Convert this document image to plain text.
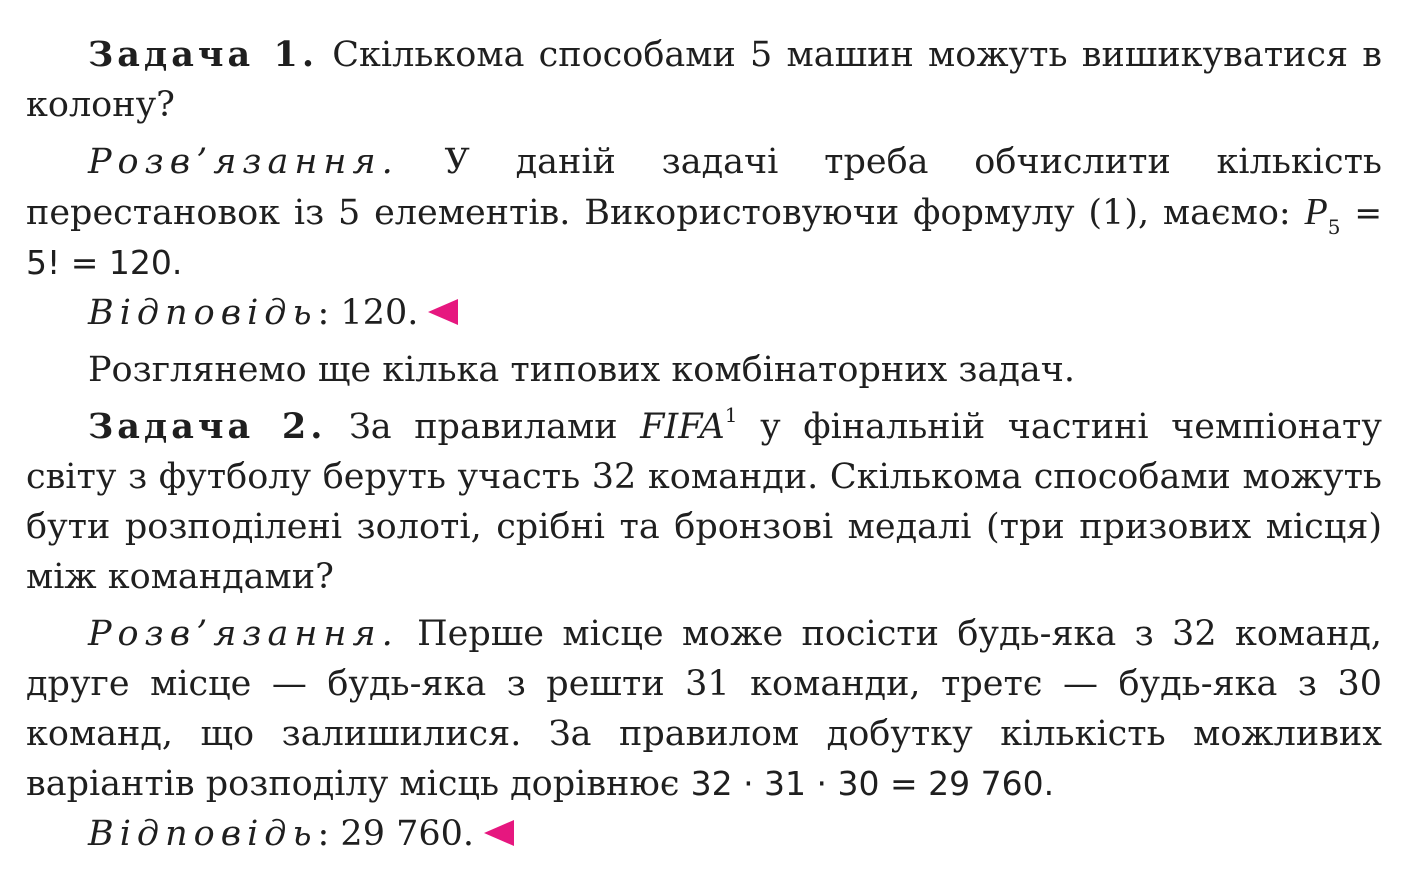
Задача 1. Скількома способами 5 машин можуть вишикуватися в колону?

Розв’язання. У даній задачі треба обчислити кількість перестановок із 5 елементів. Використовуючи формулу (1), маємо: $P_5 = 5$! = 120.

Відповідь: 120.

Розглянемо ще кілька типових комбінаторних задач.

Задача 2. За правилами FIFA$^1$ у фінальній частині чемпіонату світу з футболу беруть участь 32 команди. Скількома способами можуть бути розподілені золоті, срібні та бронзові медалі (три призових місця) між командами?

Розв’язання. Перше місце може посісти будь-яка з 32 команд, друге місце — будь-яка з решти 31 команди, третє — будь-яка з 30 команд, що залишилися. За правилом добутку кількість можливих варіантів розподілу місць дорівнює 32 · 31 · 30 = 29 760.

Відповідь: 29 760.
